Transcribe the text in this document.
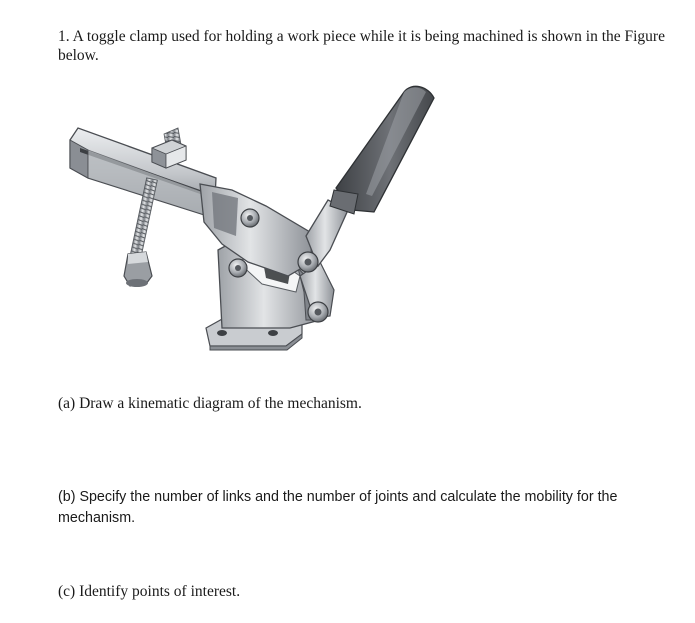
1. A toggle clamp used for holding a work piece while it is being machined is shown in the Figure below.

(a) Draw a kinematic diagram of the mechanism.

(b) Specify the number of links and the number of joints and calculate the mobility for the mechanism.

(c) Identify points of interest.
